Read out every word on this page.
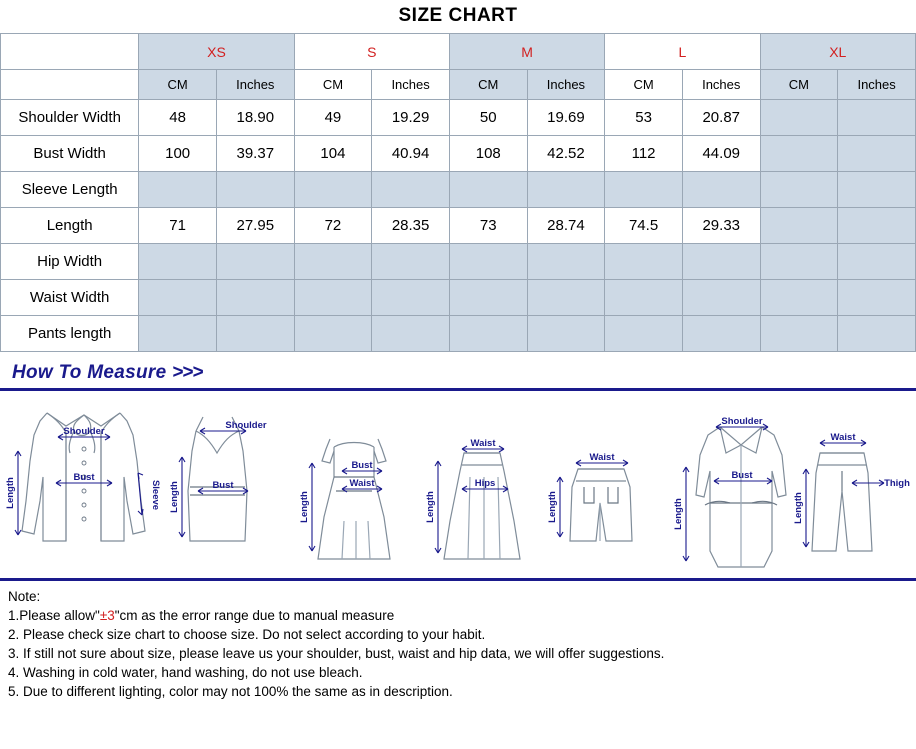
SIZE CHART
	XS		S		M		L		XL	
	CM	Inches	CM	Inches	CM	Inches	CM	Inches	CM	Inches
Shoulder Width	48	18.90	49	19.29	50	19.69	53	20.87		
Bust Width	100	39.37	104	40.94	108	42.52	112	44.09		
Sleeve Length										
Length	71	27.95	72	28.35	73	28.74	74.5	29.33		
Hip Width										
Waist Width										
Pants length										
How To Measure >>>
Shoulder
Bust
Sleeve
Length
Shoulder
Bust
Length
Bust
Waist
Length
Waist
Hips
Length
Waist
Length
Shoulder
Bust
Length
Waist
Thigh
Length
Note:
1.Please allow"±3"cm as the error range due to manual measure
2. Please check size chart to choose size. Do not select according to your habit.
3. If still not sure about size, please leave us your shoulder, bust, waist and hip data, we will offer suggestions.
4. Washing in cold water, hand washing, do not use bleach.
5. Due to different lighting, color may not 100% the same as in description.
